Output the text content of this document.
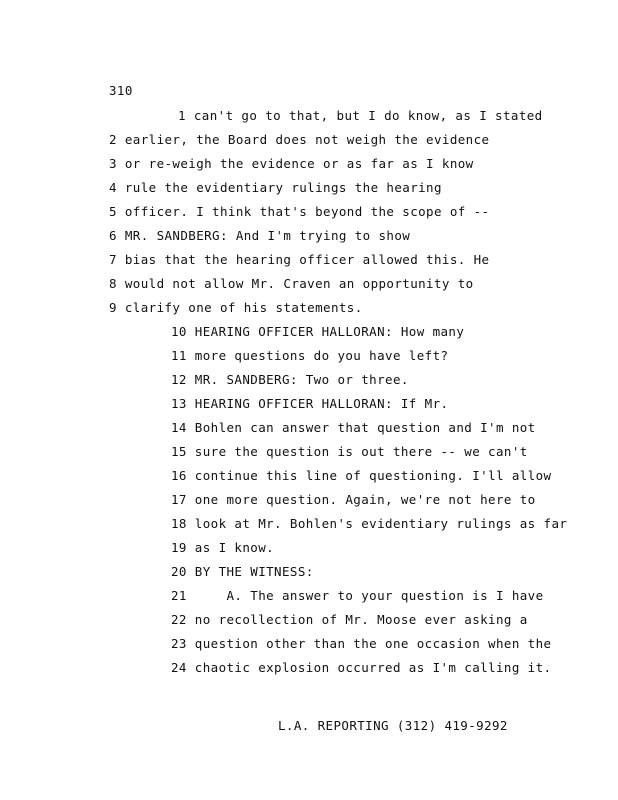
310
1 can't go to that, but I do know, as I stated
2 earlier, the Board does not weigh the evidence
3 or re-weigh the evidence or as far as I know
4 rule the evidentiary rulings the hearing
5 officer. I think that's beyond the scope of --
6 MR. SANDBERG: And I'm trying to show
7 bias that the hearing officer allowed this. He
8 would not allow Mr. Craven an opportunity to
9 clarify one of his statements.
10 HEARING OFFICER HALLORAN: How many
11 more questions do you have left?
12 MR. SANDBERG: Two or three.
13 HEARING OFFICER HALLORAN: If Mr.
14 Bohlen can answer that question and I'm not
15 sure the question is out there -- we can't
16 continue this line of questioning. I'll allow
17 one more question. Again, we're not here to
18 look at Mr. Bohlen's evidentiary rulings as far
19 as I know.
20 BY THE WITNESS:
21	A. The answer to your question is I have
22 no recollection of Mr. Moose ever asking a
23 question other than the one occasion when the
24 chaotic explosion occurred as I'm calling it.
L.A. REPORTING (312) 419-9292
